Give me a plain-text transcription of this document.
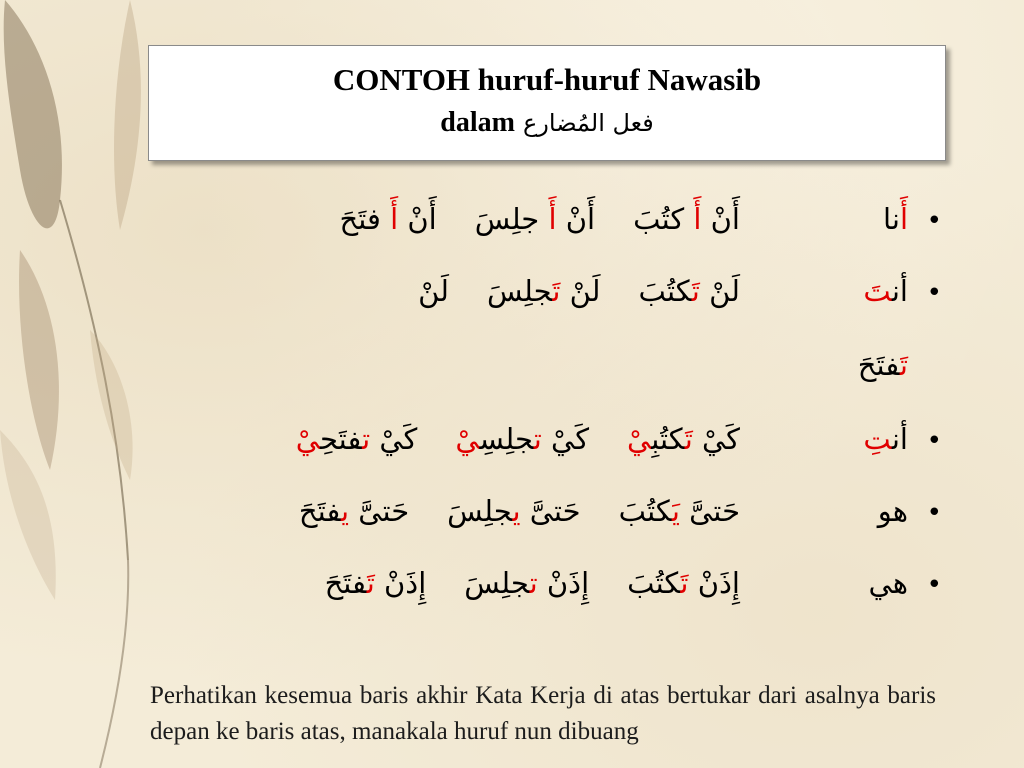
CONTOH huruf-huruf Nawasib
dalam فعل المُضارع
•
أَنا
أَنْ أَ كتُبَ
أَنْ أَ جلِسَ
أَنْ أَ فتَحَ
•
أنتَ
لَنْ تَكتُبَ
لَنْ تَجلِسَ
لَنْ
تَفتَحَ
•
أنتِ
كَيْ تَكتُبِيْ
كَيْ تجلِسِيْ
كَيْ تفتَحِيْ
•
هو
حَتىَّ يَكتُبَ
حَتىَّ يجلِسَ
حَتىَّ يفتَحَ
•
هي
إِذَنْ تَكتُبَ
إِذَنْ تجلِسَ
إِذَنْ تَفتَحَ
Perhatikan kesemua baris akhir Kata Kerja di atas bertukar dari asalnya baris depan ke baris atas, manakala huruf nun dibuang
